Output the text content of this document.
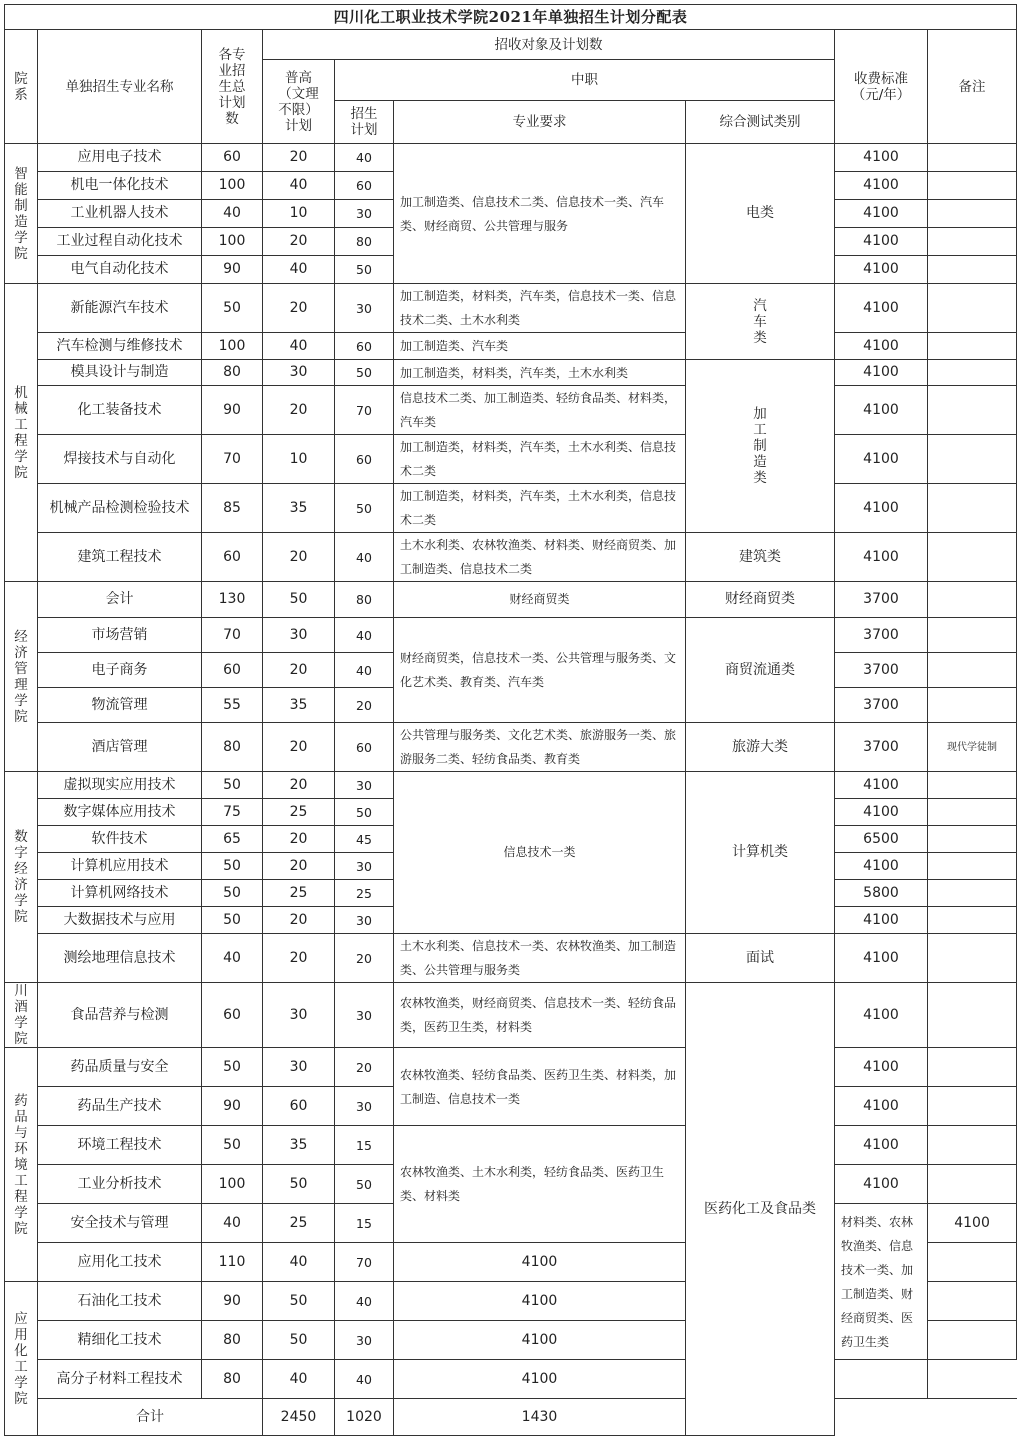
四川化工职业技术学院2021年单独招生计划分配表									
院系	单独招生专业名称	各专业招生总计划数	招收对象及计划数				收费标准（元/年）	备注	
			普高（文理不限）计划	中职					
				招生计划	专业要求	综合测试类别			
智能制造学院	应用电子技术	60	20	40	加工制造类、信息技术二类、信息技术一类、汽车类、财经商贸、公共管理与服务	电类	4100		
	机电一体化技术	100	40	60			4100		
	工业机器人技术	40	10	30			4100		
	工业过程自动化技术	100	20	80			4100		
	电气自动化技术	90	40	50			4100		
机械工程学院	新能源汽车技术	50	20	30	加工制造类，材料类，汽车类，信息技术一类、信息技术二类、土木水利类	汽车类	4100		
	汽车检测与维修技术	100	40	60	加工制造类、汽车类		4100		
	模具设计与制造	80	30	50	加工制造类，材料类，汽车类，土木水利类	加工制造类	4100		
	化工装备技术	90	20	70	信息技术二类、加工制造类、轻纺食品类、材料类，汽车类		4100		
	焊接技术与自动化	70	10	60	加工制造类，材料类，汽车类，土木水利类、信息技术二类		4100		
	机械产品检测检验技术	85	35	50	加工制造类，材料类，汽车类，土木水利类，信息技术二类		4100		
	建筑工程技术	60	20	40	土木水利类、农林牧渔类、材料类、财经商贸类、加工制造类、信息技术二类	建筑类	4100		
经济管理学院	会计	130	50	80	财经商贸类	财经商贸类	3700		
	市场营销	70	30	40	财经商贸类，信息技术一类、公共管理与服务类、文化艺术类、教育类、汽车类	商贸流通类	3700		
	电子商务	60	20	40			3700		
	物流管理	55	35	20			3700		
	酒店管理	80	20	60	公共管理与服务类、文化艺术类、旅游服务一类、旅游服务二类、轻纺食品类、教育类	旅游大类	3700	现代学徒制	
数字经济学院	虚拟现实应用技术	50	20	30	信息技术一类	计算机类	4100		
	数字媒体应用技术	75	25	50			4100		
	软件技术	65	20	45			6500		
	计算机应用技术	50	20	30			4100		
	计算机网络技术	50	25	25			5800		
	大数据技术与应用	50	20	30			4100		
	测绘地理信息技术	40	20	20	土木水利类、信息技术一类、农林牧渔类、加工制造类、公共管理与服务类	面试	4100		
川酒学院	食品营养与检测	60	30	30	农林牧渔类，财经商贸类、信息技术一类、轻纺食品类，医药卫生类，材料类	医药化工及食品类	4100		
药品与环境工程学院	药品质量与安全	50	30	20	农林牧渔类、轻纺食品类、医药卫生类、材料类，加工制造、信息技术一类		4100		
	药品生产技术	90	60	30			4100		
	环境工程技术	50	35	15	农林牧渔类、土木水利类，轻纺食品类、医药卫生类、材料类		4100		
	工业分析技术	100	50	50			4100		
	安全技术与管理	40	25	15			材料类、农林牧渔类、信息技术一类、加工制造类、财经商贸类、医药卫生类	4100	
	应用化工技术	110	40	70	4100				
应用化工学院	石油化工技术	90	50	40	4100				
	精细化工技术	80	50	30	4100				
	高分子材料工程技术	80	40	40	4100				
	合计		2450	1020	1430				
